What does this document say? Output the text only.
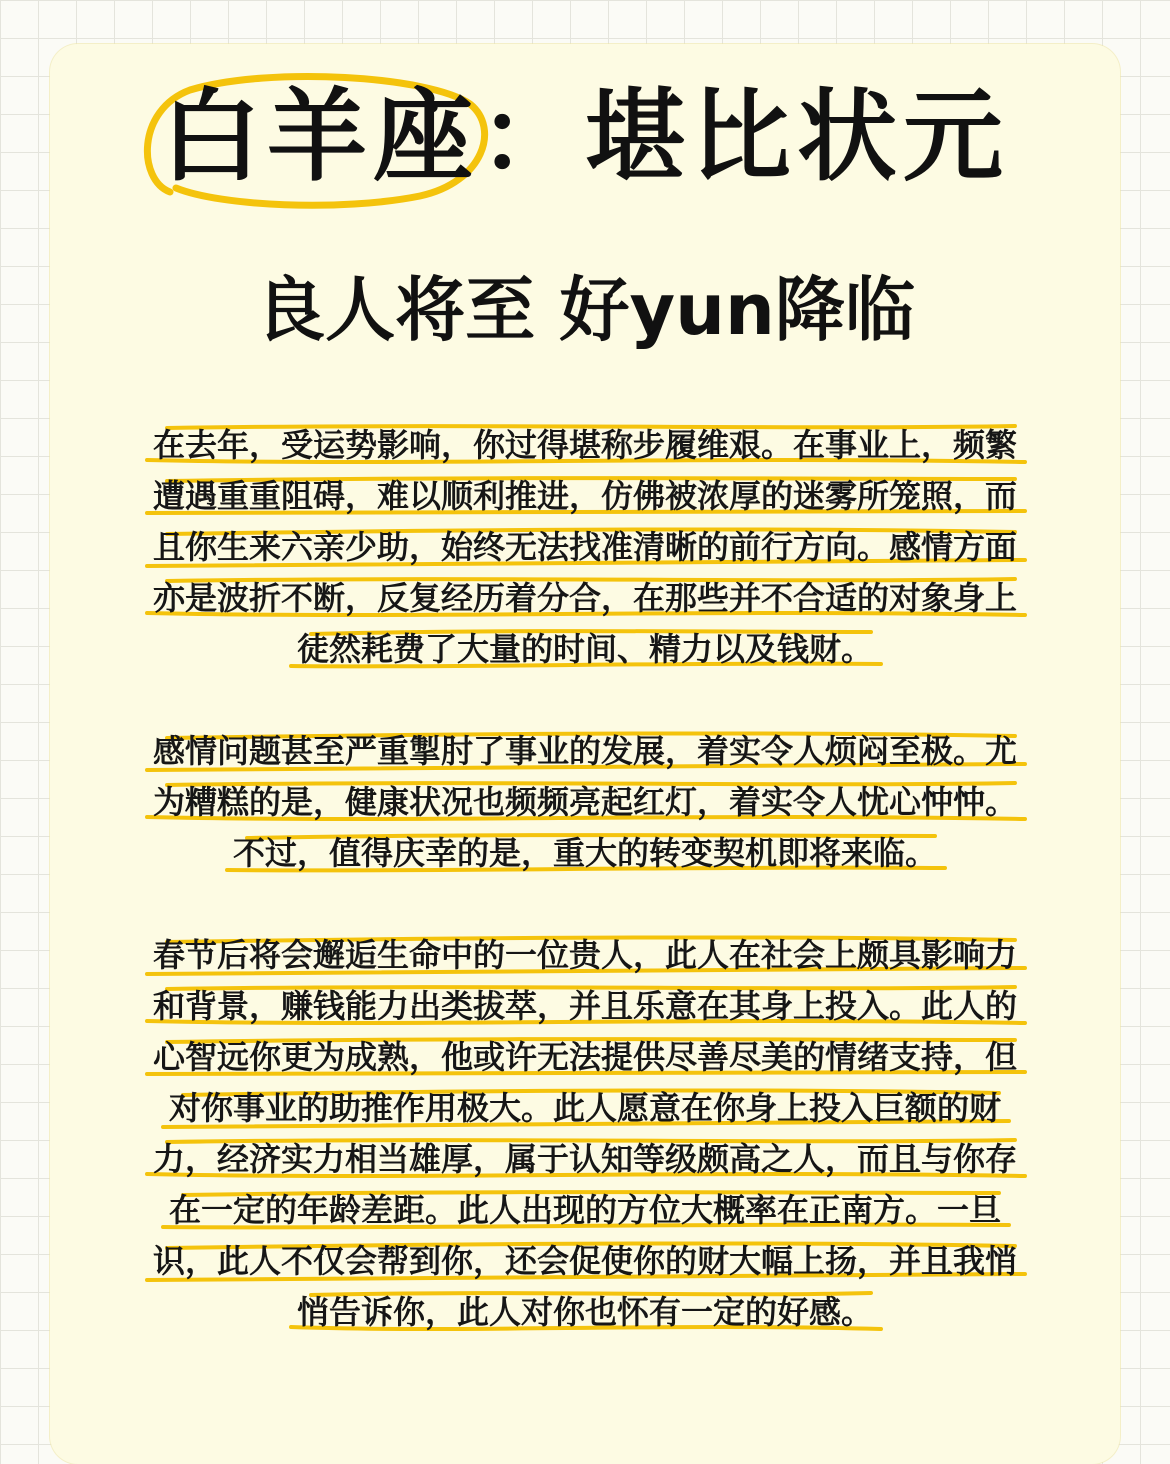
白羊座：堪比状元
良人将至 好yun降临
在去年，受运势影响，你过得堪称步履维艰。在事业上，频繁
遭遇重重阻碍，难以顺利推进，仿佛被浓厚的迷雾所笼照，而
且你生来六亲少助，始终无法找准清晰的前行方向。感情方面
亦是波折不断，反复经历着分合，在那些并不合适的对象身上
徒然耗费了大量的时间、精力以及钱财。
感情问题甚至严重掣肘了事业的发展，着实令人烦闷至极。尤
为糟糕的是，健康状况也频频亮起红灯，着实令人忧心忡忡。
不过，值得庆幸的是，重大的转变契机即将来临。
春节后将会邂逅生命中的一位贵人，此人在社会上颇具影响力
和背景，赚钱能力出类拔萃，并且乐意在其身上投入。此人的
心智远你更为成熟，他或许无法提供尽善尽美的情绪支持，但
对你事业的助推作用极大。此人愿意在你身上投入巨额的财
力，经济实力相当雄厚，属于认知等级颇高之人，而且与你存
在一定的年龄差距。此人出现的方位大概率在正南方。一旦
识，此人不仅会帮到你，还会促使你的财大幅上扬，并且我悄
悄告诉你，此人对你也怀有一定的好感。
